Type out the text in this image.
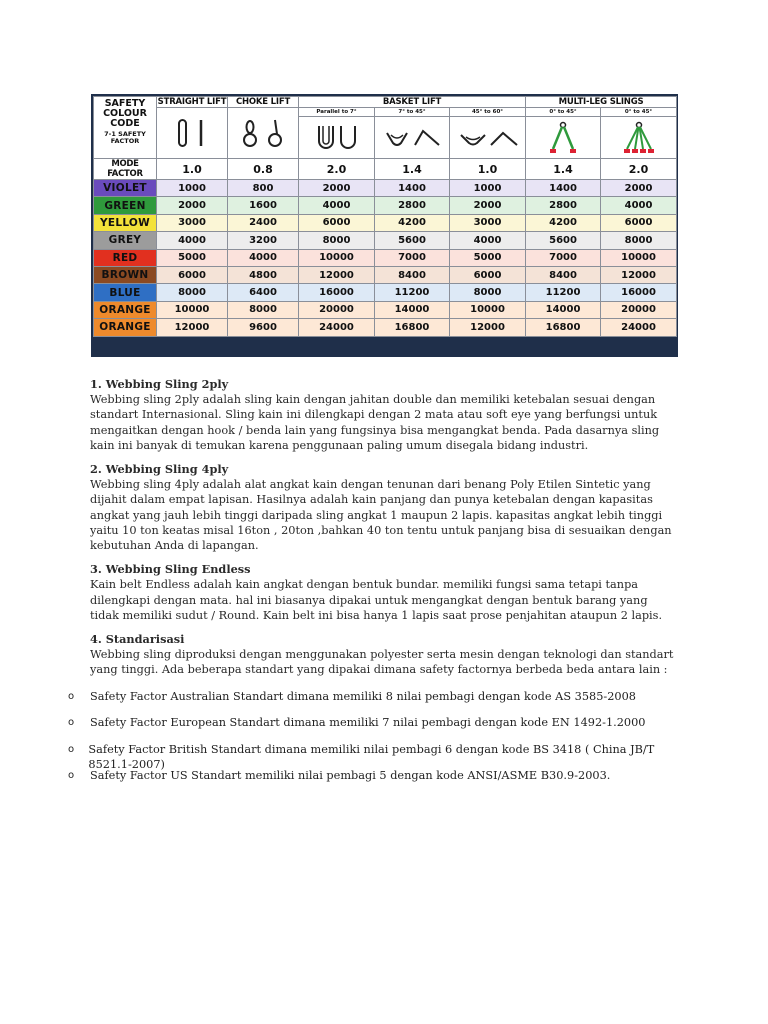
SAFETY COLOUR CODE
7-1 SAFETY FACTOR	STRAIGHT LIFT	CHOKE LIFT	BASKET LIFT			MULTI-LEG SLINGS	

	Parallel to 7°	7° to 45°	45° to 60°	0° to 45°	0° to 45°

MODE FACTOR	1.0	0.8	2.0	1.4	1.0	1.4	2.0
VIOLET	1000	800	2000	1400	1000	1400	2000
GREEN	2000	1600	4000	2800	2000	2800	4000
YELLOW	3000	2400	6000	4200	3000	4200	6000
GREY	4000	3200	8000	5600	4000	5600	8000
RED	5000	4000	10000	7000	5000	7000	10000
BROWN	6000	4800	12000	8400	6000	8400	12000
BLUE	8000	6400	16000	11200	8000	11200	16000
ORANGE	10000	8000	20000	14000	10000	14000	20000
ORANGE	12000	9600	24000	16800	12000	16800	24000
1. Webbing Sling 2ply

Webbing sling 2ply adalah sling kain dengan jahitan double dan memiliki ketebalan sesuai dengan standart Internasional. Sling kain ini dilengkapi dengan 2 mata atau soft eye yang berfungsi untuk mengaitkan dengan hook / benda lain yang fungsinya bisa mengangkat benda. Pada dasarnya sling kain ini banyak di temukan karena penggunaan paling umum disegala bidang industri.

2. Webbing Sling 4ply

Webbing sling 4ply adalah alat angkat kain dengan tenunan dari benang Poly Etilen Sintetic yang dijahit dalam empat lapisan. Hasilnya adalah kain panjang dan punya ketebalan dengan kapasitas angkat yang jauh lebih tinggi daripada sling angkat 1 maupun 2 lapis. kapasitas angkat lebih tinggi yaitu 10 ton keatas misal 16ton , 20ton ,bahkan 40 ton tentu untuk panjang bisa di sesuaikan dengan kebutuhan Anda di lapangan.

3. Webbing Sling Endless

Kain belt Endless adalah kain angkat dengan bentuk bundar. memiliki fungsi sama tetapi tanpa dilengkapi dengan mata. hal ini biasanya dipakai untuk mengangkat dengan bentuk barang yang tidak memiliki sudut / Round. Kain belt ini bisa hanya 1 lapis saat prose penjahitan ataupun 2 lapis.

4. Standarisasi

Webbing sling diproduksi dengan menggunakan polyester serta mesin dengan teknologi dan standart yang tinggi. Ada beberapa standart yang dipakai dimana safety factornya berbeda beda antara lain :

o	Safety Factor Australian Standart dimana memiliki 8 nilai pembagi dengan kode AS 3585-2008
o	Safety Factor European Standart dimana memiliki 7 nilai pembagi dengan kode EN 1492-1.2000
o	Safety Factor British Standart dimana memiliki nilai pembagi 6 dengan kode BS 3418 ( China JB/T 8521.1-2007)
o	Safety Factor US Standart memiliki nilai pembagi 5 dengan kode ANSI/ASME B30.9-2003.
